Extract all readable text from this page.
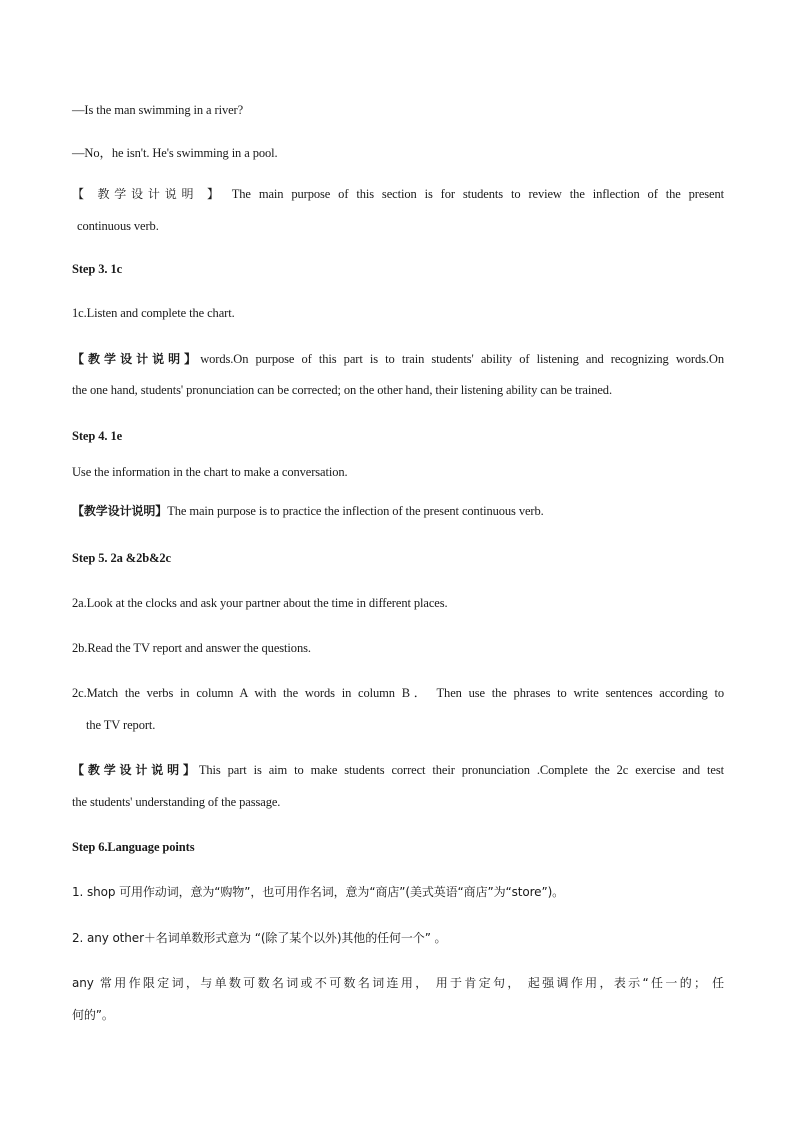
—Is the man swimming in a river?
—No，he isn't. He's swimming in a pool.
【 教学设计说明 】 The main purpose of this section is for students to review the inflection of the present
continuous verb.
Step 3. 1c
1c.Listen and complete the chart.
【教学设计说明】words.On purpose of this part is to train students' ability of listening and recognizing words.On
the one hand, students' pronunciation can be corrected; on the other hand, their listening ability can be trained.
Step 4. 1e
Use the information in the chart to make a conversation.
【教学设计说明】The main purpose is to practice the inflection of the present continuous verb.
Step 5. 2a &2b&2c
2a.Look at the clocks and ask your partner about the time in different places.
2b.Read the TV report and answer the questions.
2c.Match the verbs in column A with the words in column B． Then use the phrases to write sentences according to
the TV report.
【教学设计说明】This part is aim to make students correct their pronunciation .Complete the 2c exercise and test
the students' understanding of the passage.
Step 6.Language points
1. shop 可用作动词，意为“购物”，也可用作名词，意为“商店”(美式英语“商店”为“store”)。
2. any other＋名词单数形式意为 “(除了某个以外)其他的任何一个” 。
any 常用作限定词，与单数可数名词或不可数名词连用， 用于肯定句， 起强调作用，表示“任一的； 任
何的”。
